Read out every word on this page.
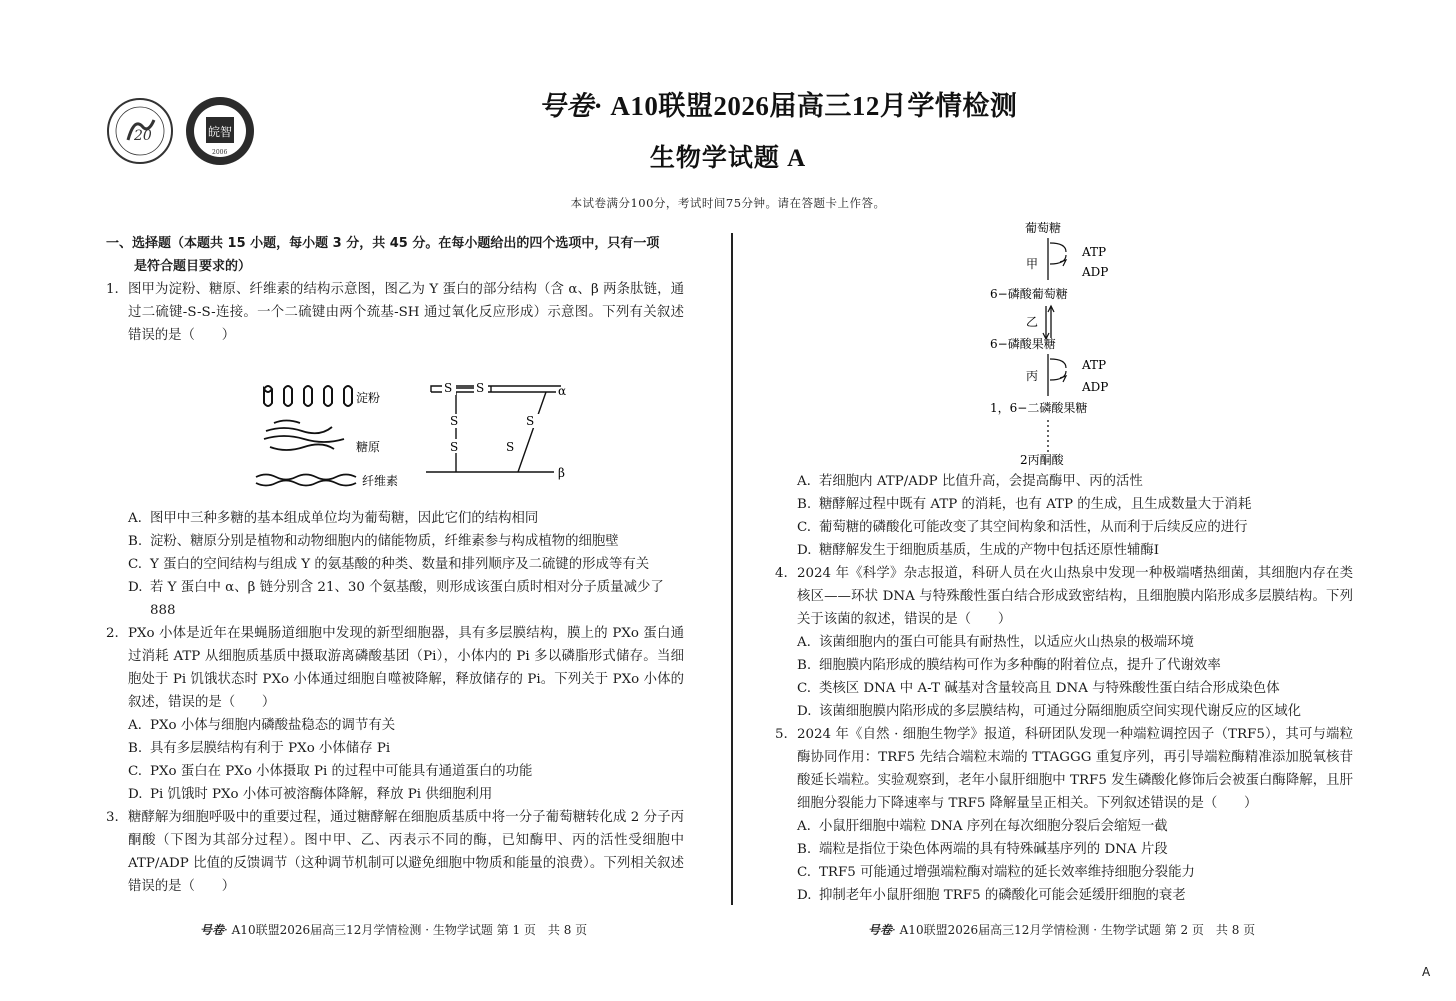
20	皖智
2006
号卷· A10联盟2026届高三12月学情检测
生物学试题 A
本试卷满分100分，考试时间75分钟。请在答题卡上作答。
一、选择题（本题共 15 小题，每小题 3 分，共 45 分。在每小题给出的四个选项中，只有一项
是符合题目要求的）
1. 图甲为淀粉、糖原、纤维素的结构示意图，图乙为 Y 蛋白的部分结构（含 α、β 两条肽链，通过二硫键-S-S-连接。一个二硫键由两个巯基-SH 通过氧化反应形成）示意图。下列有关叙述错误的是（　　）
淀粉
糖原
纤维素
S S
S
S
S
S
α
β
A. 图甲中三种多糖的基本组成单位均为葡萄糖，因此它们的结构相同
B. 淀粉、糖原分别是植物和动物细胞内的储能物质，纤维素参与构成植物的细胞壁
C. Y 蛋白的空间结构与组成 Y 的氨基酸的种类、数量和排列顺序及二硫键的形成等有关
D. 若 Y 蛋白中 α、β 链分别含 21、30 个氨基酸，则形成该蛋白质时相对分子质量减少了 888
2. PXo 小体是近年在果蝇肠道细胞中发现的新型细胞器，具有多层膜结构，膜上的 PXo 蛋白通过消耗 ATP 从细胞质基质中摄取游离磷酸基团（Pi），小体内的 Pi 多以磷脂形式储存。当细胞处于 Pi 饥饿状态时 PXo 小体通过细胞自噬被降解，释放储存的 Pi。下列关于 PXo 小体的叙述，错误的是（　　）
A. PXo 小体与细胞内磷酸盐稳态的调节有关
B. 具有多层膜结构有利于 PXo 小体储存 Pi
C. PXo 蛋白在 PXo 小体摄取 Pi 的过程中可能具有通道蛋白的功能
D. Pi 饥饿时 PXo 小体可被溶酶体降解，释放 Pi 供细胞利用
3. 糖酵解为细胞呼吸中的重要过程，通过糖酵解在细胞质基质中将一分子葡萄糖转化成 2 分子丙酮酸（下图为其部分过程）。图中甲、乙、丙表示不同的酶，已知酶甲、丙的活性受细胞中 ATP/ADP 比值的反馈调节（这种调节机制可以避免细胞中物质和能量的浪费）。下列相关叙述错误的是（　　）
葡萄糖
甲
ATP
ADP
6−磷酸葡萄糖
乙
6−磷酸果糖
丙
ATP
ADP
1，6−二磷酸果糖
2丙酮酸
A. 若细胞内 ATP/ADP 比值升高，会提高酶甲、丙的活性
B. 糖酵解过程中既有 ATP 的消耗，也有 ATP 的生成，且生成数量大于消耗
C. 葡萄糖的磷酸化可能改变了其空间构象和活性，从而利于后续反应的进行
D. 糖酵解发生于细胞质基质，生成的产物中包括还原性辅酶Ⅰ
4. 2024 年《科学》杂志报道，科研人员在火山热泉中发现一种极端嗜热细菌，其细胞内存在类核区——环状 DNA 与特殊酸性蛋白结合形成致密结构，且细胞膜内陷形成多层膜结构。下列关于该菌的叙述，错误的是（　　）
A. 该菌细胞内的蛋白可能具有耐热性，以适应火山热泉的极端环境
B. 细胞膜内陷形成的膜结构可作为多种酶的附着位点，提升了代谢效率
C. 类核区 DNA 中 A-T 碱基对含量较高且 DNA 与特殊酸性蛋白结合形成染色体
D. 该菌细胞膜内陷形成的多层膜结构，可通过分隔细胞质空间实现代谢反应的区域化
5. 2024 年《自然 · 细胞生物学》报道，科研团队发现一种端粒调控因子（TRF5），其可与端粒酶协同作用：TRF5 先结合端粒末端的 TTAGGG 重复序列，再引导端粒酶精准添加脱氧核苷酸延长端粒。实验观察到，老年小鼠肝细胞中 TRF5 发生磷酸化修饰后会被蛋白酶降解，且肝细胞分裂能力下降速率与 TRF5 降解量呈正相关。下列叙述错误的是（　　）
A. 小鼠肝细胞中端粒 DNA 序列在每次细胞分裂后会缩短一截
B. 端粒是指位于染色体两端的具有特殊碱基序列的 DNA 片段
C. TRF5 可能通过增强端粒酶对端粒的延长效率维持细胞分裂能力
D. 抑制老年小鼠肝细胞 TRF5 的磷酸化可能会延缓肝细胞的衰老
号卷· A10联盟2026届高三12月学情检测 · 生物学试题 第 1 页　共 8 页	号卷· A10联盟2026届高三12月学情检测 · 生物学试题 第 2 页　共 8 页
A
